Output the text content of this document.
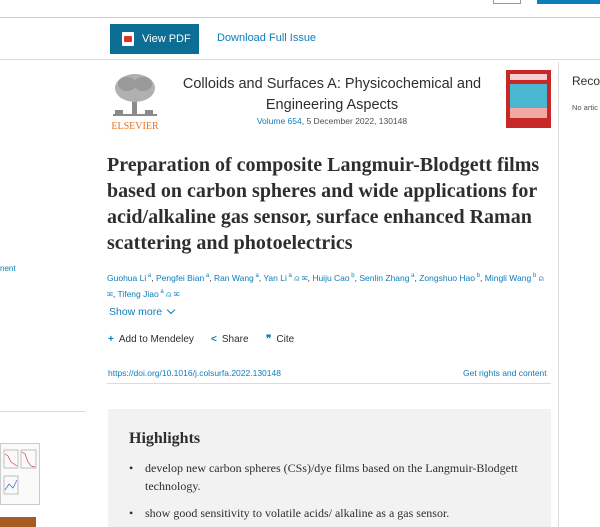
View PDF Download Full Issue
nent
ELSEVIER
Colloids and Surfaces A: Physicochemical and Engineering Aspects
Volume 654, 5 December 2022, 130148
Reco
No artic
Preparation of composite Langmuir-Blodgett films based on carbon spheres and wide applications for acid/alkaline gas sensor, surface enhanced Raman scattering and photoelectrics
Guohua Li $^a$, Pengfei Bian $^a$, Ran Wang $^a$, Yan Li $^a$ ⍝ ✉, Huiju Cao $^b$, Senlin Zhang $^a$, Zongshuo Hao $^b$, Mingli Wang $^b$ ⍝ ✉, Tifeng Jiao $^a$ ⍝ ✉
Show more
+ Add to Mendeley < Share ❞ Cite
https://doi.org/10.1016/j.colsurfa.2022.130148	Get rights and content
Highlights
• develop new carbon spheres (CSs)/dye films based on the Langmuir-Blodgett technology.
• show good sensitivity to volatile acids/ alkaline as a gas sensor.
